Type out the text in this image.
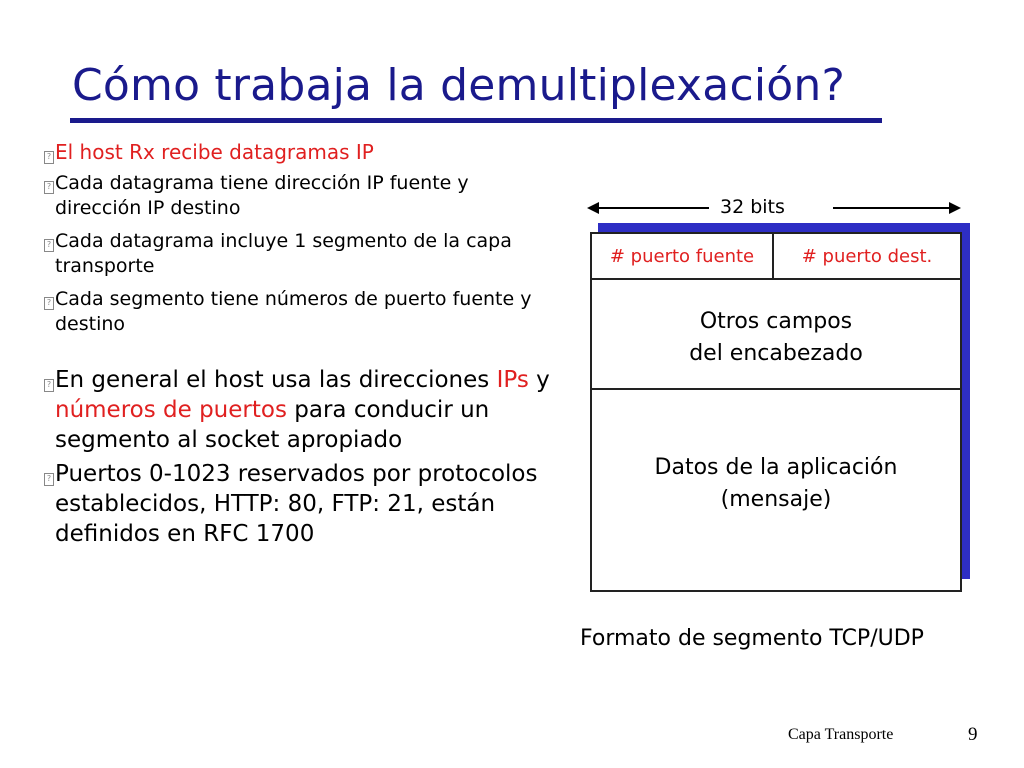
Cómo trabaja la demultiplexación?
? El host Rx recibe datagramas IP
? Cada datagrama tiene dirección IP fuente y dirección IP destino
? Cada datagrama incluye 1 segmento de la capa transporte
? Cada segmento tiene números de puerto fuente y destino
? En general el host usa las direcciones IPs y números de puertos para conducir un segmento al socket apropiado
? Puertos 0-1023 reservados por protocolos establecidos, HTTP: 80, FTP: 21, están definidos en RFC 1700
32 bits
# puerto fuente	# puerto dest.
Otros campos
del encabezado
Datos de la aplicación
(mensaje)
Formato de segmento TCP/UDP
Capa Transporte	9
